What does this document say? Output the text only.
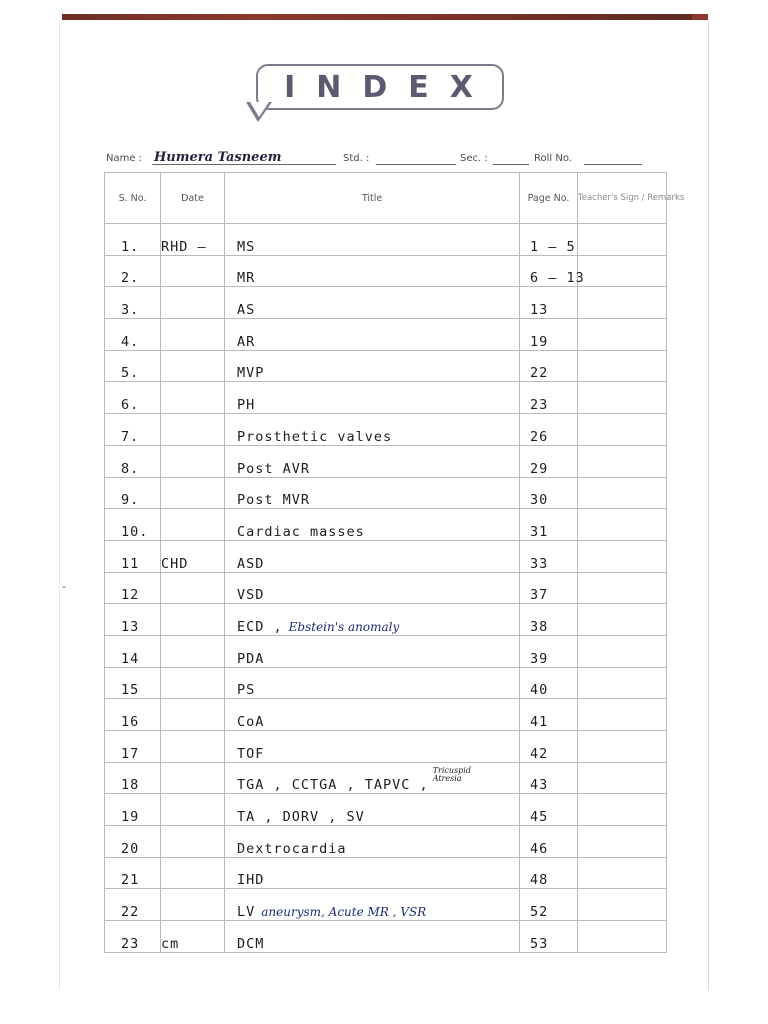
INDEX
Name : Humera Tasneem	Std. :	Sec. :	Roll No.
S. No.	Date	Title	Page No.	Teacher's Sign / Remarks
1.	RHD —	MS	1 – 5	
2.		MR	6 – 13	
3.		AS	13	
4.		AR	19	
5.		MVP	22	
6.		PH	23	
7.		Prosthetic valves	26	
8.		Post AVR	29	
9.		Post MVR	30	
10.		Cardiac masses	31	
11	CHD	ASD	33	
12		VSD	37	
13		ECD , Ebstein's anomaly	38	
14		PDA	39	
15		PS	40	
16		CoA	41	
17		TOF	42	
18		TGA , CCTGA , TAPVC ,Tricuspid Atresia	43	
19		TA , DORV , SV	45	
20		Dextrocardia	46	
21		IHD	48	
22		LV aneurysm, Acute MR , VSR	52	
23	cm	DCM	53	
-
